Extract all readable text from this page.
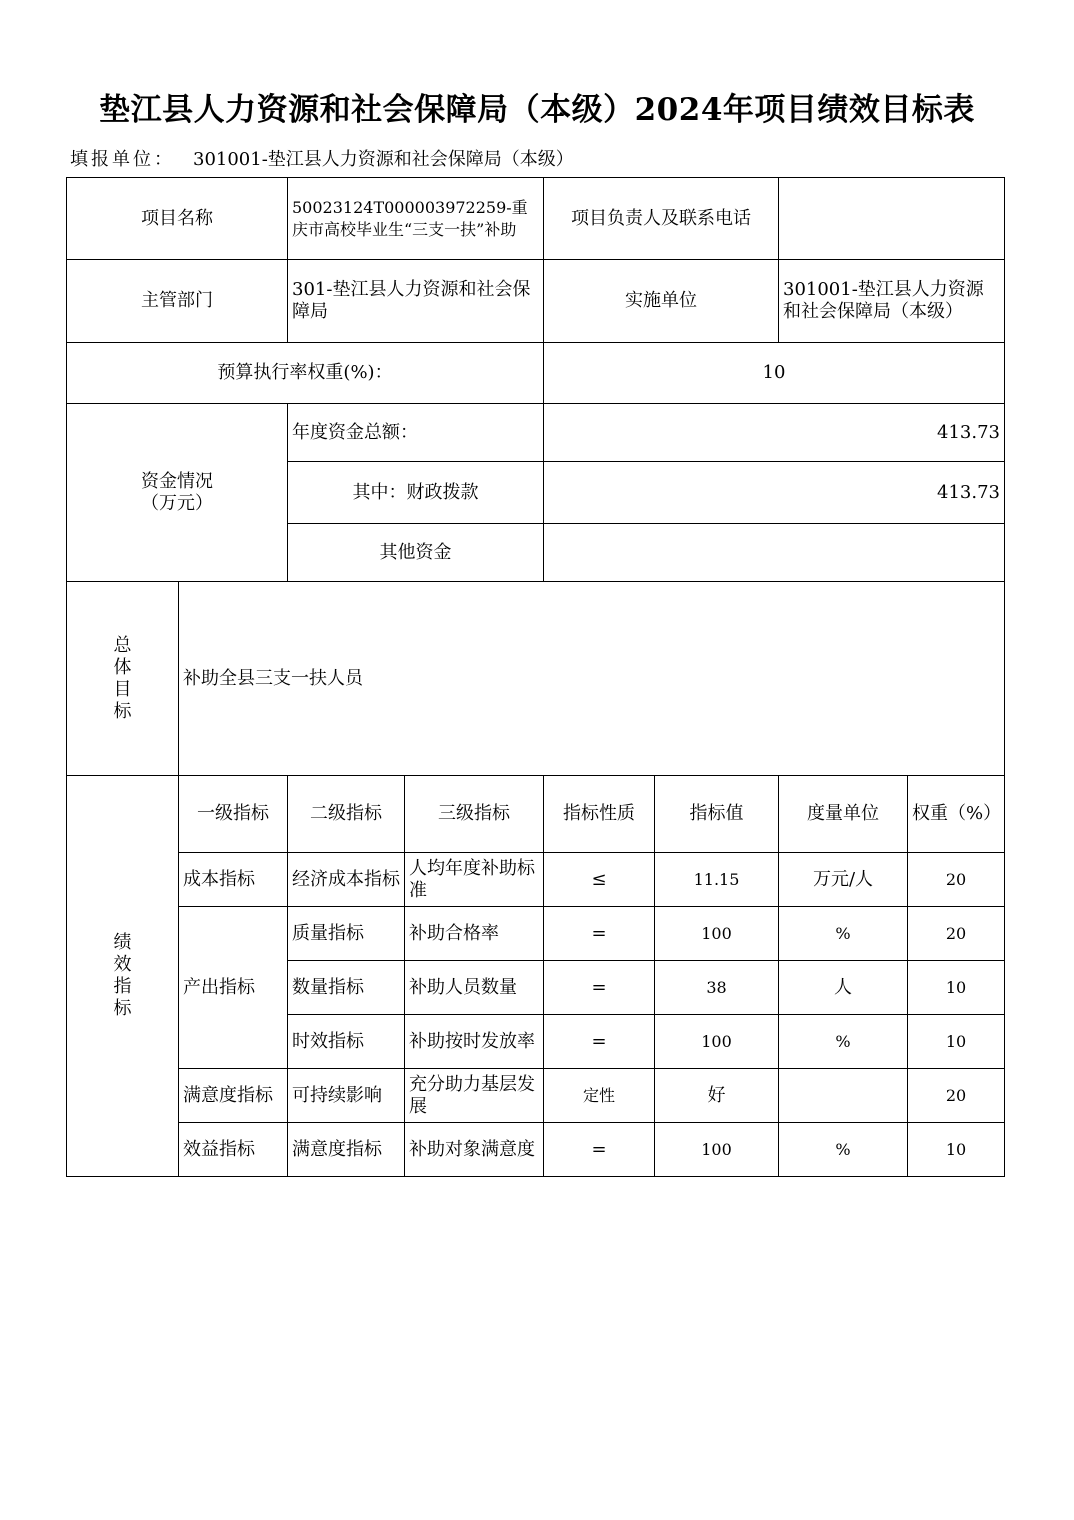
垫江县人力资源和社会保障局（本级）2024年项目绩效目标表
填报单位： 301001-垫江县人力资源和社会保障局（本级）
项目名称		50023124T000003972259-重庆市高校毕业生“三支一扶”补助		项目负责人及联系电话			
主管部门		301-垫江县人力资源和社会保障局		实施单位		301001-垫江县人力资源和社会保障局（本级）	
预算执行率权重(%)：				10			
资金情况
（万元）		年度资金总额：		413.73			
		其中：财政拨款		413.73			
		其他资金					
总
体
目
标	补助全县三支一扶人员						
绩
效
指
标	一级指标	二级指标	三级指标	指标性质	指标值	度量单位	权重（%）
	成本指标	经济成本指标	人均年度补助标准	≤	11.15	万元/人	20
	产出指标	质量指标	补助合格率	=	100	%	20
		数量指标	补助人员数量	=	38	人	10
		时效指标	补助按时发放率	=	100	%	10
	满意度指标	可持续影响	充分助力基层发展	定性	好		20
	效益指标	满意度指标	补助对象满意度	=	100	%	10
